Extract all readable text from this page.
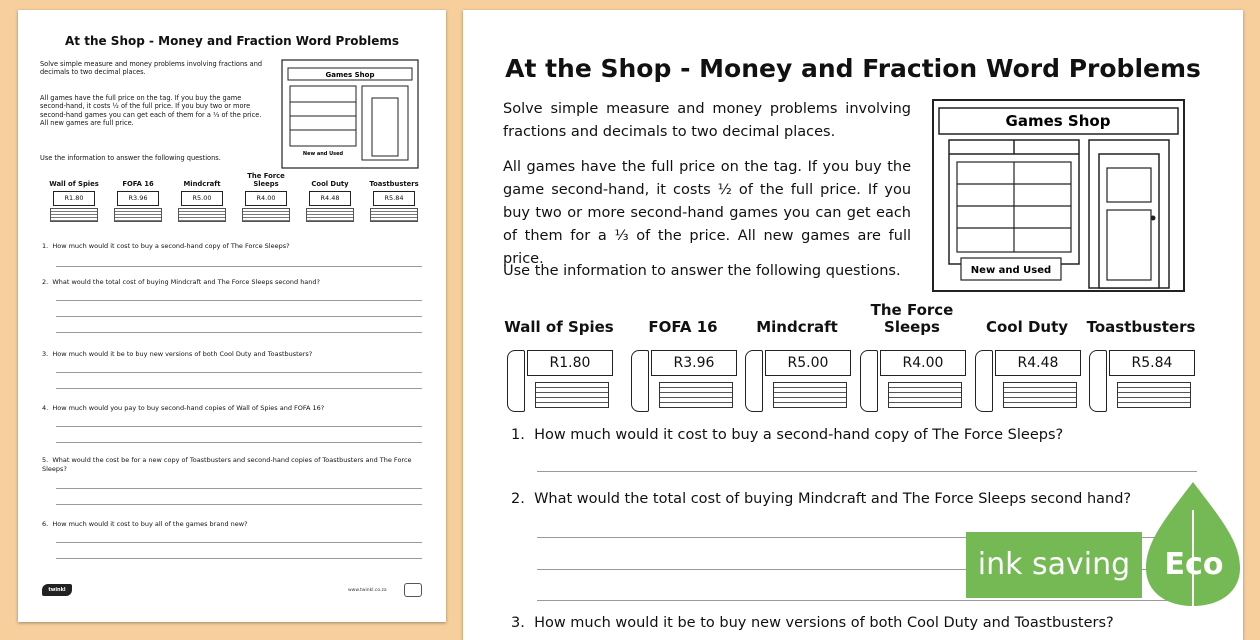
At the Shop - Money and Fraction Word Problems
Solve simple measure and money problems involving fractions and decimals to two decimal places.
All games have the full price on the tag. If you buy the game second-hand, it costs ½ of the full price. If you buy two or more second-hand games you can get each of them for a ⅓ of the price. All new games are full price.
Use the information to answer the following questions.
Games Shop
New and Used
Wall of Spies
R1.80
FOFA 16
R3.96
Mindcraft
R5.00
The Force Sleeps
R4.00
Cool Duty
R4.48
Toastbusters
R5.84
1. How much would it cost to buy a second-hand copy of The Force Sleeps?
2. What would the total cost of buying Mindcraft and The Force Sleeps second hand?
3. How much would it be to buy new versions of both Cool Duty and Toastbusters?
4. How much would you pay to buy second-hand copies of Wall of Spies and FOFA 16?
5. What would the cost be for a new copy of Toastbusters and second-hand copies of Toastbusters and The Force Sleeps?
6. How much would it cost to buy all of the games brand new?
twinkl	www.twinkl.co.za
At the Shop - Money and Fraction Word Problems
Solve simple measure and money problems involving fractions and decimals to two decimal places.
All games have the full price on the tag. If you buy the game second-hand, it costs ½ of the full price. If you buy two or more second-hand games you can get each of them for a ⅓ of the price. All new games are full price.
Use the information to answer the following questions.
Games Shop
New and Used
Wall of Spies
R1.80
FOFA 16
R3.96
Mindcraft
R5.00
The Force Sleeps
R4.00
Cool Duty
R4.48
Toastbusters
R5.84
1. How much would it cost to buy a second-hand copy of The Force Sleeps?
2. What would the total cost of buying Mindcraft and The Force Sleeps second hand?
3. How much would it be to buy new versions of both Cool Duty and Toastbusters?
ink saving	Eco
